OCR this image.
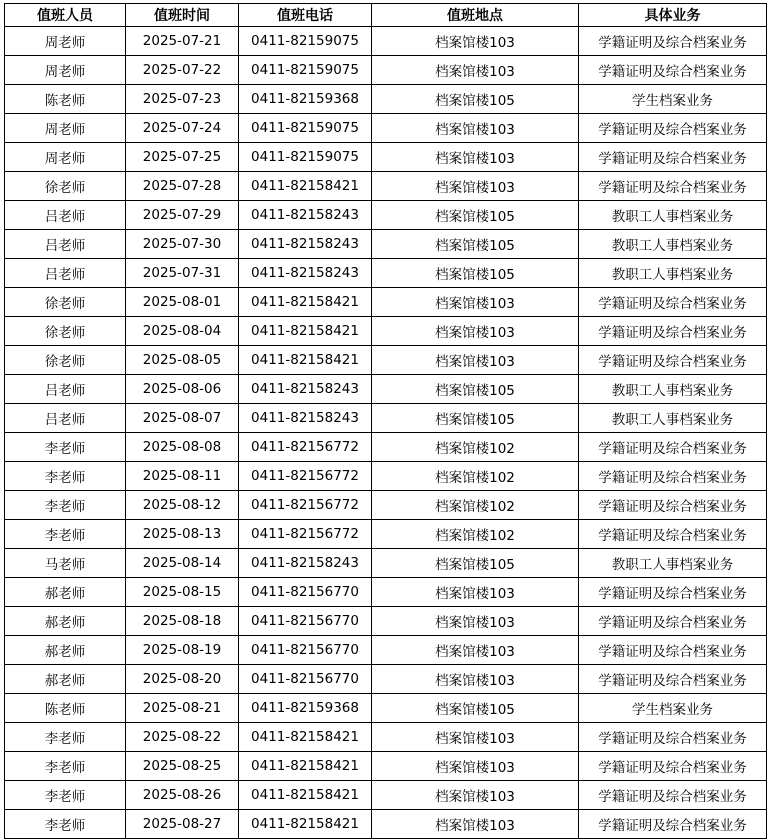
值班人员	值班时间	值班电话	值班地点	具体业务
周老师	2025-07-21	0411-82159075	档案馆楼103	学籍证明及综合档案业务
周老师	2025-07-22	0411-82159075	档案馆楼103	学籍证明及综合档案业务
陈老师	2025-07-23	0411-82159368	档案馆楼105	学生档案业务
周老师	2025-07-24	0411-82159075	档案馆楼103	学籍证明及综合档案业务
周老师	2025-07-25	0411-82159075	档案馆楼103	学籍证明及综合档案业务
徐老师	2025-07-28	0411-82158421	档案馆楼103	学籍证明及综合档案业务
吕老师	2025-07-29	0411-82158243	档案馆楼105	教职工人事档案业务
吕老师	2025-07-30	0411-82158243	档案馆楼105	教职工人事档案业务
吕老师	2025-07-31	0411-82158243	档案馆楼105	教职工人事档案业务
徐老师	2025-08-01	0411-82158421	档案馆楼103	学籍证明及综合档案业务
徐老师	2025-08-04	0411-82158421	档案馆楼103	学籍证明及综合档案业务
徐老师	2025-08-05	0411-82158421	档案馆楼103	学籍证明及综合档案业务
吕老师	2025-08-06	0411-82158243	档案馆楼105	教职工人事档案业务
吕老师	2025-08-07	0411-82158243	档案馆楼105	教职工人事档案业务
李老师	2025-08-08	0411-82156772	档案馆楼102	学籍证明及综合档案业务
李老师	2025-08-11	0411-82156772	档案馆楼102	学籍证明及综合档案业务
李老师	2025-08-12	0411-82156772	档案馆楼102	学籍证明及综合档案业务
李老师	2025-08-13	0411-82156772	档案馆楼102	学籍证明及综合档案业务
马老师	2025-08-14	0411-82158243	档案馆楼105	教职工人事档案业务
郝老师	2025-08-15	0411-82156770	档案馆楼103	学籍证明及综合档案业务
郝老师	2025-08-18	0411-82156770	档案馆楼103	学籍证明及综合档案业务
郝老师	2025-08-19	0411-82156770	档案馆楼103	学籍证明及综合档案业务
郝老师	2025-08-20	0411-82156770	档案馆楼103	学籍证明及综合档案业务
陈老师	2025-08-21	0411-82159368	档案馆楼105	学生档案业务
李老师	2025-08-22	0411-82158421	档案馆楼103	学籍证明及综合档案业务
李老师	2025-08-25	0411-82158421	档案馆楼103	学籍证明及综合档案业务
李老师	2025-08-26	0411-82158421	档案馆楼103	学籍证明及综合档案业务
李老师	2025-08-27	0411-82158421	档案馆楼103	学籍证明及综合档案业务
